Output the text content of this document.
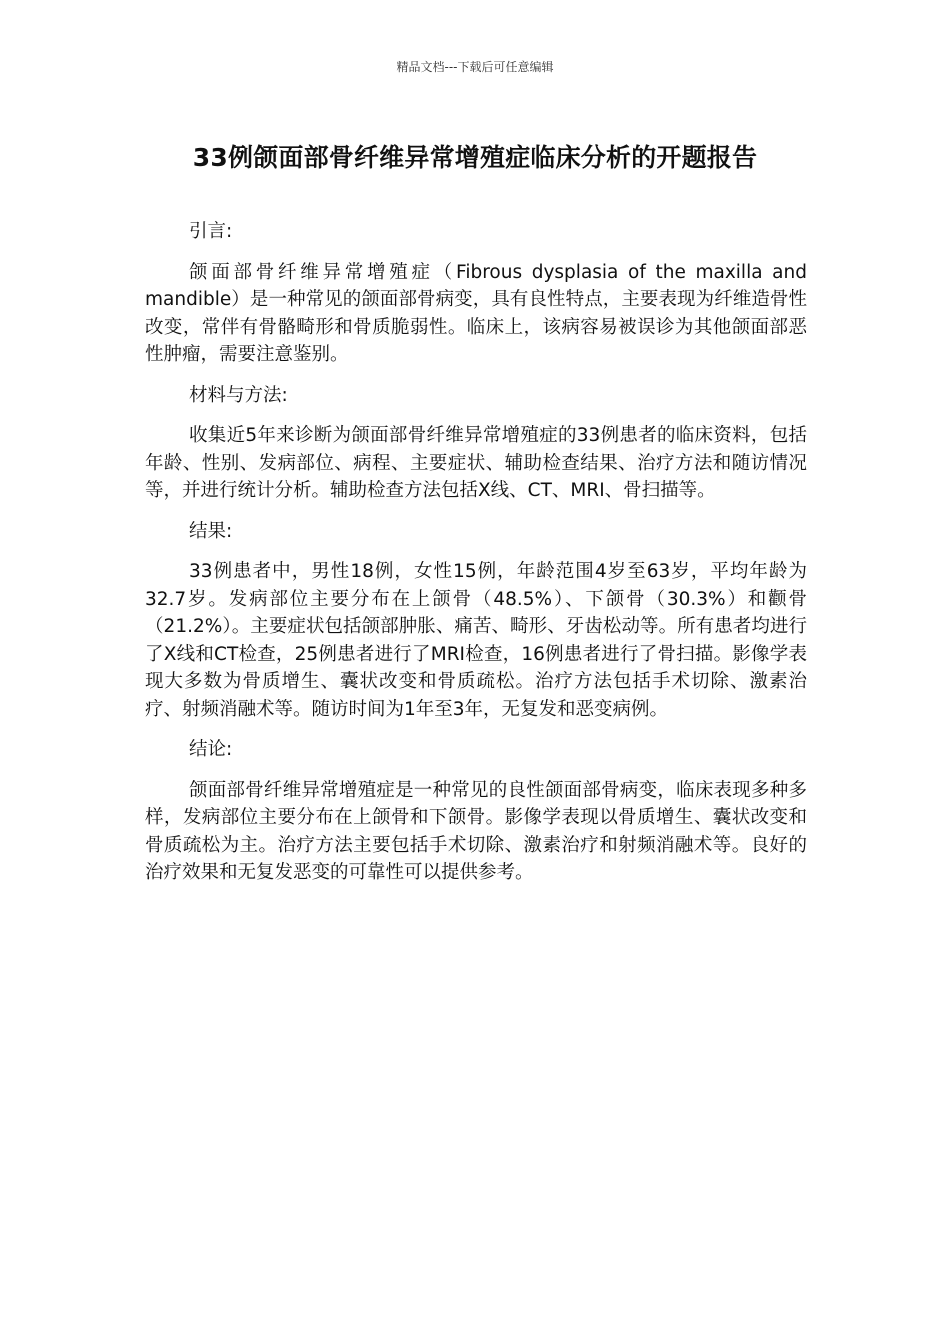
精品文档---下载后可任意编辑
33例颌面部骨纤维异常增殖症临床分析的开题报告

引言:

颌面部骨纤维异常增殖症（Fibrous dysplasia of the maxilla and mandible）是一种常见的颌面部骨病变，具有良性特点，主要表现为纤维造骨性改变，常伴有骨骼畸形和骨质脆弱性。临床上，该病容易被误诊为其他颌面部恶性肿瘤，需要注意鉴别。

材料与方法:

收集近5年来诊断为颌面部骨纤维异常增殖症的33例患者的临床资料，包括年龄、性别、发病部位、病程、主要症状、辅助检查结果、治疗方法和随访情况等，并进行统计分析。辅助检查方法包括X线、CT、MRI、骨扫描等。

结果:

33例患者中，男性18例，女性15例，年龄范围4岁至63岁，平均年龄为32.7岁。发病部位主要分布在上颌骨（48.5%）、下颌骨（30.3%）和颧骨（21.2%）。主要症状包括颌部肿胀、痛苦、畸形、牙齿松动等。所有患者均进行了X线和CT检查，25例患者进行了MRI检查，16例患者进行了骨扫描。影像学表现大多数为骨质增生、囊状改变和骨质疏松。治疗方法包括手术切除、激素治疗、射频消融术等。随访时间为1年至3年，无复发和恶变病例。

结论:

颌面部骨纤维异常增殖症是一种常见的良性颌面部骨病变，临床表现多种多样，发病部位主要分布在上颌骨和下颌骨。影像学表现以骨质增生、囊状改变和骨质疏松为主。治疗方法主要包括手术切除、激素治疗和射频消融术等。良好的治疗效果和无复发恶变的可靠性可以提供参考。
